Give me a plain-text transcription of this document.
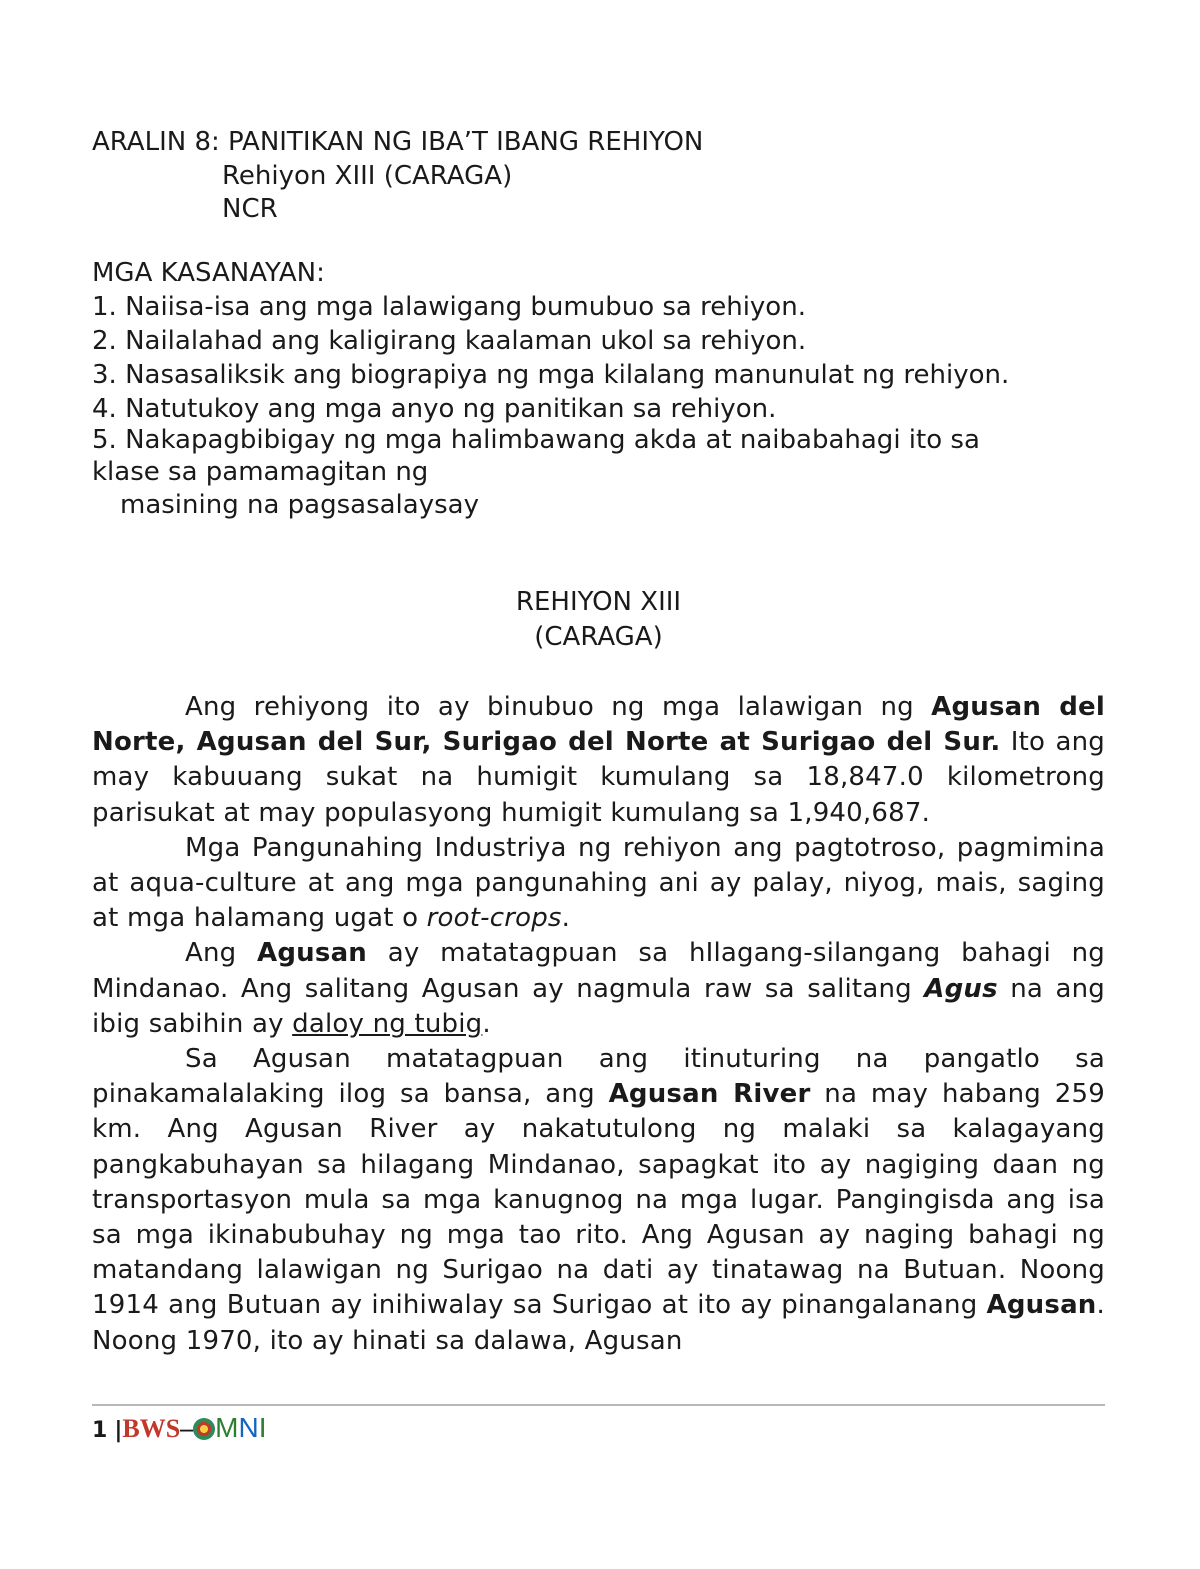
ARALIN 8: PANITIKAN NG IBA’T IBANG REHIYON
Rehiyon XIII (CARAGA)
NCR
MGA KASANAYAN:
1. Naiisa-isa ang mga lalawigang bumubuo sa rehiyon.
2. Nailalahad ang kaligirang kaalaman ukol sa rehiyon.
3. Nasasaliksik ang biograpiya ng mga kilalang manunulat ng rehiyon.
4. Natutukoy ang mga anyo ng panitikan sa rehiyon.
5. Nakapagbibigay ng mga halimbawang akda at naibabahagi ito sa
klase sa pamamagitan ng
masining na pagsasalaysay
REHIYON XIII
(CARAGA)

Ang rehiyong ito ay binubuo ng mga lalawigan ng Agusan del Norte, Agusan del Sur, Surigao del Norte at Surigao del Sur. Ito ang may kabuuang sukat na humigit kumulang sa 18,847.0 kilometrong parisukat at may populasyong humigit kumulang sa 1,940,687.

Mga Pangunahing Industriya ng rehiyon ang pagtotroso, pagmimina at aqua-culture at ang mga pangunahing ani ay palay, niyog, mais, saging at mga halamang ugat o root-crops.

Ang Agusan ay matatagpuan sa hIlagang-silangang bahagi ng Mindanao. Ang salitang Agusan ay nagmula raw sa salitang Agus na ang ibig sabihin ay daloy ng tubig.

Sa Agusan matatagpuan ang itinuturing na pangatlo sa pinakamalalaking ilog sa bansa, ang Agusan River na may habang 259 km. Ang Agusan River ay nakatutulong ng malaki sa kalagayang pangkabuhayan sa hilagang Mindanao, sapagkat ito ay nagiging daan ng transportasyon mula sa mga kanugnog na mga lugar. Pangingisda ang isa sa mga ikinabubuhay ng mga tao rito. Ang Agusan ay naging bahagi ng matandang lalawigan ng Surigao na dati ay tinatawag na Butuan. Noong 1914 ang Butuan ay inihiwalay sa Surigao at ito ay pinangalanang Agusan. Noong 1970, ito ay hinati sa dalawa, Agusan

1 |BWS– MNI
